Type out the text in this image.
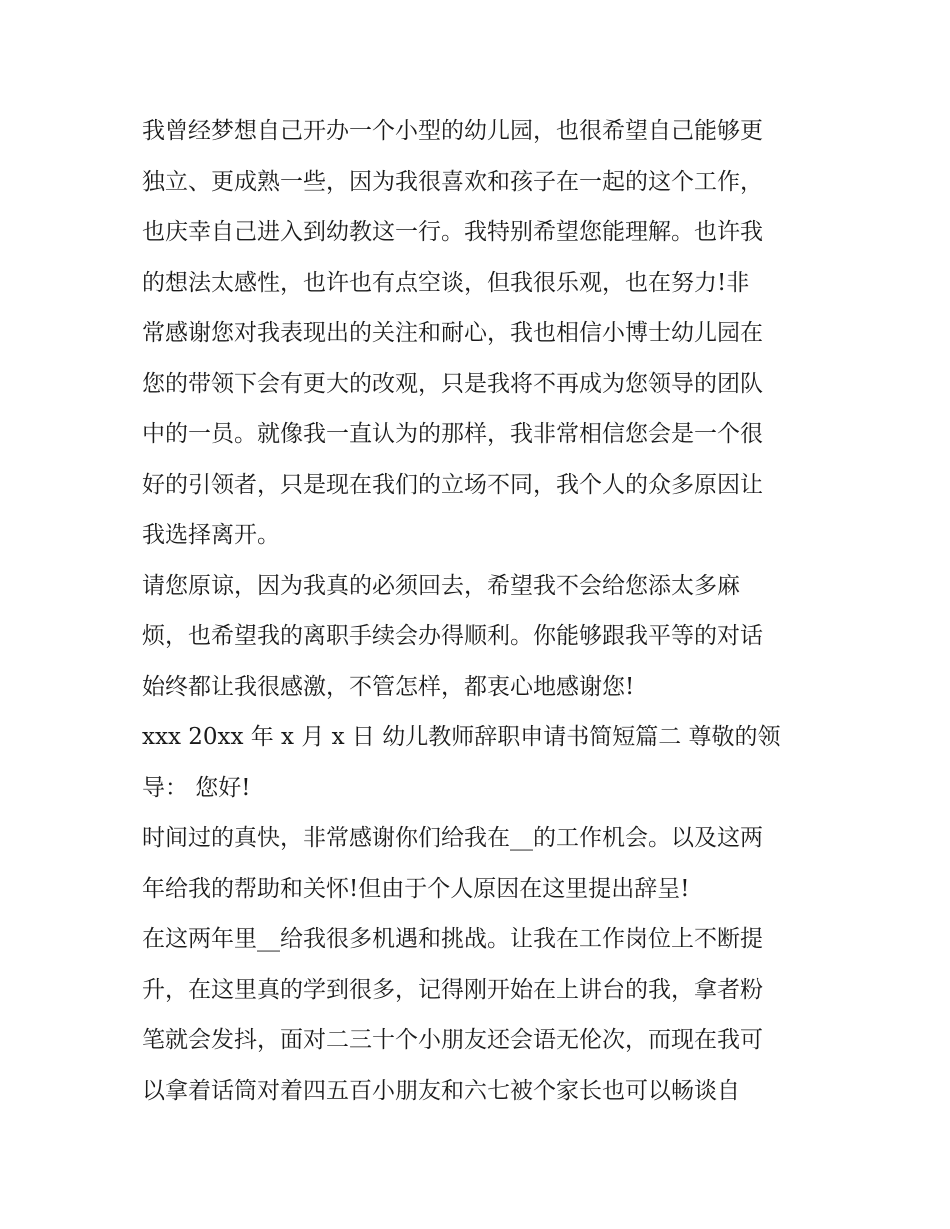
我曾经梦想自己开办一个小型的幼儿园，也很希望自己能够更

独立、更成熟一些，因为我很喜欢和孩子在一起的这个工作，

也庆幸自己进入到幼教这一行。我特别希望您能理解。也许我

的想法太感性，也许也有点空谈，但我很乐观，也在努力!非

常感谢您对我表现出的关注和耐心，我也相信小博士幼儿园在

您的带领下会有更大的改观，只是我将不再成为您领导的团队

中的一员。就像我一直认为的那样，我非常相信您会是一个很

好的引领者，只是现在我们的立场不同，我个人的众多原因让

我选择离开。

请您原谅，因为我真的必须回去，希望我不会给您添太多麻

烦，也希望我的离职手续会办得顺利。你能够跟我平等的对话

始终都让我很感激，不管怎样，都衷心地感谢您!

xxx 20xx 年 x 月 x 日 幼儿教师辞职申请书简短篇二 尊敬的领

导： 您好!

时间过的真快，非常感谢你们给我在__的工作机会。以及这两

年给我的帮助和关怀!但由于个人原因在这里提出辞呈!

在这两年里__给我很多机遇和挑战。让我在工作岗位上不断提

升，在这里真的学到很多，记得刚开始在上讲台的我，拿者粉

笔就会发抖，面对二三十个小朋友还会语无伦次，而现在我可

以拿着话筒对着四五百小朋友和六七被个家长也可以畅谈自
